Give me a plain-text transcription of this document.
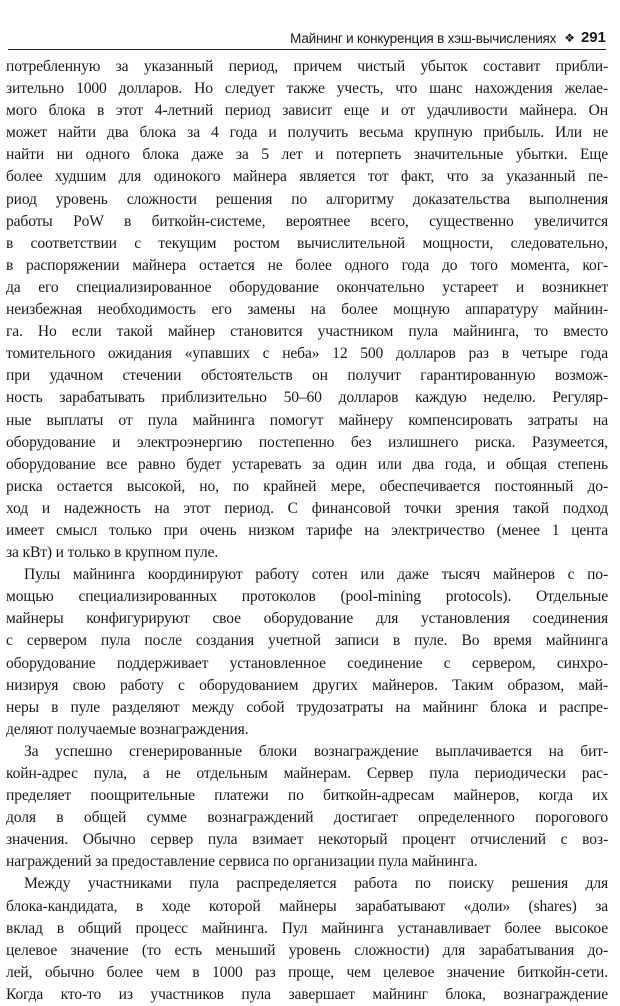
Майнинг и конкуренция в хэш-вычислениях ❖ 291

потребленную за указанный период, причем чистый убыток составит прибли-
зительно 1000 долларов. Но следует также учесть, что шанс нахождения желае-
мого блока в этот 4-летний период зависит еще и от удачливости майнера. Он
может найти два блока за 4 года и получить весьма крупную прибыль. Или не
найти ни одного блока даже за 5 лет и потерпеть значительные убытки. Еще
более худшим для одинокого майнера является тот факт, что за указанный пе-
риод уровень сложности решения по алгоритму доказательства выполнения
работы PoW в биткойн-системе, вероятнее всего, существенно увеличится
в соответствии с текущим ростом вычислительной мощности, следовательно,
в распоряжении майнера остается не более одного года до того момента, ког-
да его специализированное оборудование окончательно устареет и возникнет
неизбежная необходимость его замены на более мощную аппаратуру майнин-
га. Но если такой майнер становится участником пула майнинга, то вместо
томительного ожидания «упавших с неба» 12 500 долларов раз в четыре года
при удачном стечении обстоятельств он получит гарантированную возмож-
ность зарабатывать приблизительно 50–60 долларов каждую неделю. Регуляр-
ные выплаты от пула майнинга помогут майнеру компенсировать затраты на
оборудование и электроэнергию постепенно без излишнего риска. Разумеется,
оборудование все равно будет устаревать за один или два года, и общая степень
риска остается высокой, но, по крайней мере, обеспечивается постоянный до-
ход и надежность на этот период. С финансовой точки зрения такой подход
имеет смысл только при очень низком тарифе на электричество (менее 1 цента
за кВт) и только в крупном пуле.

Пулы майнинга координируют работу сотен или даже тысяч майнеров с по-
мощью специализированных протоколов (pool-mining protocols). Отдельные
майнеры конфигурируют свое оборудование для установления соединения
с сервером пула после создания учетной записи в пуле. Во время майнинга
оборудование поддерживает установленное соединение с сервером, синхро-
низируя свою работу с оборудованием других майнеров. Таким образом, май-
неры в пуле разделяют между собой трудозатраты на майнинг блока и распре-
деляют получаемые вознаграждения.

За успешно сгенерированные блоки вознаграждение выплачивается на бит-
койн-адрес пула, а не отдельным майнерам. Сервер пула периодически рас-
пределяет поощрительные платежи по биткойн-адресам майнеров, когда их
доля в общей сумме вознаграждений достигает определенного порогового
значения. Обычно сервер пула взимает некоторый процент отчислений с воз-
награждений за предоставление сервиса по организации пула майнинга.

Между участниками пула распределяется работа по поиску решения для
блока-кандидата, в ходе которой майнеры зарабатывают «доли» (shares) за
вклад в общий процесс майнинга. Пул майнинга устанавливает более высокое
целевое значение (то есть меньший уровень сложности) для зарабатывания до-
лей, обычно более чем в 1000 раз проще, чем целевое значение биткойн-сети.
Когда кто-то из участников пула завершает майнинг блока, вознаграждение
